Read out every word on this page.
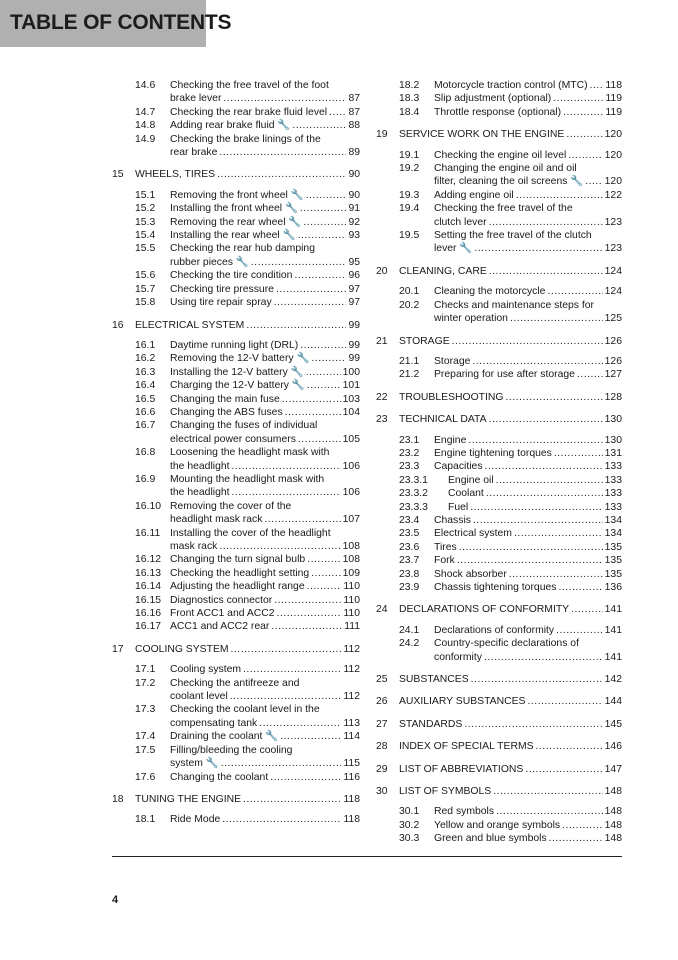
TABLE OF CONTENTS
14.6	Checking the free travel of the foot
brake lever .....	87
14.7	Checking the rear brake fluid level ..... 87
14.8	Adding rear brake fluid 🔧 .....	88
14.9	Checking the brake linings of the
rear brake .....	89
15	WHEELS, TIRES .....	90
15.1	Removing the front wheel 🔧 .....	90
15.2	Installing the front wheel 🔧 .....	91
15.3	Removing the rear wheel 🔧 .....	92
15.4	Installing the rear wheel 🔧 .....	93
15.5	Checking the rear hub damping
rubber pieces 🔧 .....	95
15.6	Checking the tire condition .....	96
15.7	Checking tire pressure .....	97
15.8	Using tire repair spray .....	97
16	ELECTRICAL SYSTEM .....	99
16.1	Daytime running light (DRL) .....	99
16.2	Removing the 12-V battery 🔧 .....	99
16.3	Installing the 12-V battery 🔧 .....	100
16.4	Charging the 12-V battery 🔧 .....	101
16.5	Changing the main fuse .....	103
16.6	Changing the ABS fuses .....	104
16.7	Changing the fuses of individual
electrical power consumers .....	105
16.8	Loosening the headlight mask with
the headlight .....	106
16.9	Mounting the headlight mask with
the headlight .....	106
16.10 Removing the cover of the
headlight mask rack .....	107
16.11 Installing the cover of the headlight
mask rack .....	108
16.12 Changing the turn signal bulb .....	108
16.13 Checking the headlight setting .....	109
16.14 Adjusting the headlight range .....	110
16.15 Diagnostics connector .....	110
16.16 Front ACC1 and ACC2 .....	110
16.17 ACC1 and ACC2 rear .....	111
17	COOLING SYSTEM .....	112
17.1	Cooling system .....	112
17.2	Checking the antifreeze and
coolant level .....	112
17.3	Checking the coolant level in the
compensating tank .....	113
17.4	Draining the coolant 🔧 .....	114
17.5	Filling/bleeding the cooling
system 🔧 .....	115
17.6	Changing the coolant .....	116
18	TUNING THE ENGINE .....	118
18.1	Ride Mode .....	118
18.2	Motorcycle traction control (MTC) ..... 118
18.3	Slip adjustment (optional) .....	119
18.4	Throttle response (optional) .....	119
19	SERVICE WORK ON THE ENGINE .....	120
19.1	Checking the engine oil level .....	120
19.2	Changing the engine oil and oil
filter, cleaning the oil screens 🔧 ..... 120
19.3	Adding engine oil .....	122
19.4	Checking the free travel of the
clutch lever .....	123
19.5	Setting the free travel of the clutch
lever 🔧 .....	123
20	CLEANING, CARE .....	124
20.1	Cleaning the motorcycle .....	124
20.2	Checks and maintenance steps for
winter operation .....	125
21	STORAGE .....	126
21.1	Storage .....	126
21.2	Preparing for use after storage .....	127
22	TROUBLESHOOTING .....	128
23	TECHNICAL DATA .....	130
23.1	Engine .....	130
23.2	Engine tightening torques .....	131
23.3	Capacities .....	133
23.3.1	Engine oil .....	133
23.3.2	Coolant .....	133
23.3.3	Fuel .....	133
23.4	Chassis .....	134
23.5	Electrical system .....	134
23.6	Tires .....	135
23.7	Fork .....	135
23.8	Shock absorber .....	135
23.9	Chassis tightening torques .....	136
24	DECLARATIONS OF CONFORMITY .....	141
24.1	Declarations of conformity .....	141
24.2	Country-specific declarations of
conformity .....	141
25	SUBSTANCES .....	142
26	AUXILIARY SUBSTANCES .....	144
27	STANDARDS .....	145
28	INDEX OF SPECIAL TERMS .....	146
29	LIST OF ABBREVIATIONS .....	147
30	LIST OF SYMBOLS .....	148
30.1	Red symbols .....	148
30.2	Yellow and orange symbols .....	148
30.3	Green and blue symbols .....	148
4
